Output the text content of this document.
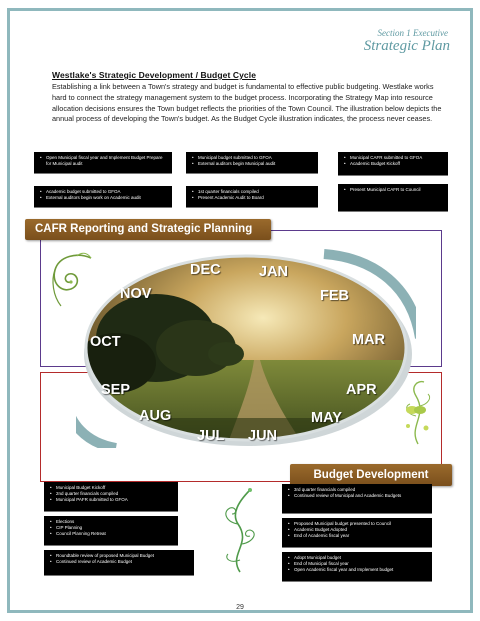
Section 1 Executive
Strategic Plan
Westlake's Strategic Development / Budget Cycle
Establishing a link between a Town's strategy and budget is fundamental to effective public budgeting. Westlake works hard to connect the strategy management system to the budget process. Incorporating the Strategy Map into resource allocation decisions ensures the Town budget reflects the priorities of the Town Council. The illustration below depicts the annual process of developing the Town's budget. As the Budget Cycle illustration indicates, the process never ceases.
• Open Municipal fiscal year and Implement Budget Prepare for Municipal audit
• Municipal budget submitted to GFOA
• External auditors begin Municipal audit
• Municipal CAFR submitted to GFOA
• Academic Budget Kickoff
• Academic budget submitted to GFOA
• External auditors begin work on Academic audit
• 1st quarter financials compiled
• Present Academic Audit to Board
• Present Municipal CAFR to Council
CAFR Reporting and Strategic Planning
DEC	JAN
NOV	FEB
OCT	MAR
SEP	APR
AUG	MAY
JUL JUN
Budget Development
• Municipal Budget Kickoff
• 2nd quarter financials compiled
• Municipal PAFR submitted to GFOA
• 3rd quarter financials compiled
• Continued review of Municipal and Academic Budgets
• Elections
• CIP Planning
• Council Planning Retreat
• Proposed Municipal budget presented to Council
• Academic Budget Adopted
• End of Academic fiscal year
• Roundtable review of proposed Municipal Budget
• Continued review of Academic Budget
• Adopt Municipal budget
• End of Municipal fiscal year
• Open Academic fiscal year and Implement budget
29
